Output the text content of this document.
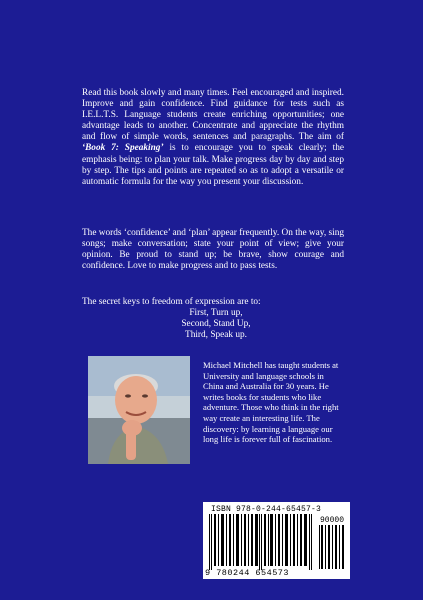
Read this book slowly and many times. Feel encouraged and inspired. Improve and gain confidence. Find guidance for tests such as I.E.L.T.S. Language students create enriching opportunities; one advantage leads to another. Concentrate and appreciate the rhythm and flow of simple words, sentences and paragraphs. The aim of ‘Book 7: Speaking’ is to encourage you to speak clearly; the emphasis being: to plan your talk. Make progress day by day and step by step. The tips and points are repeated so as to adopt a versatile or automatic formula for the way you present your discussion.

The words ‘confidence’ and ‘plan’ appear frequently. On the way, sing songs; make conversation; state your point of view; give your opinion. Be proud to stand up; be brave, show courage and confidence. Love to make progress and to pass tests.

The secret keys to freedom of expression are to:

First, Turn up,
Second, Stand Up,
Third, Speak up.

Michael Mitchell has taught students at University and language schools in China and Australia for 30 years. He writes books for students who like adventure. Those who think in the right way create an interesting life. The discovery: by learning a language our long life is forever full of fascination.

ISBN 978-0-244-65457-3
90000
9 780244 654573
